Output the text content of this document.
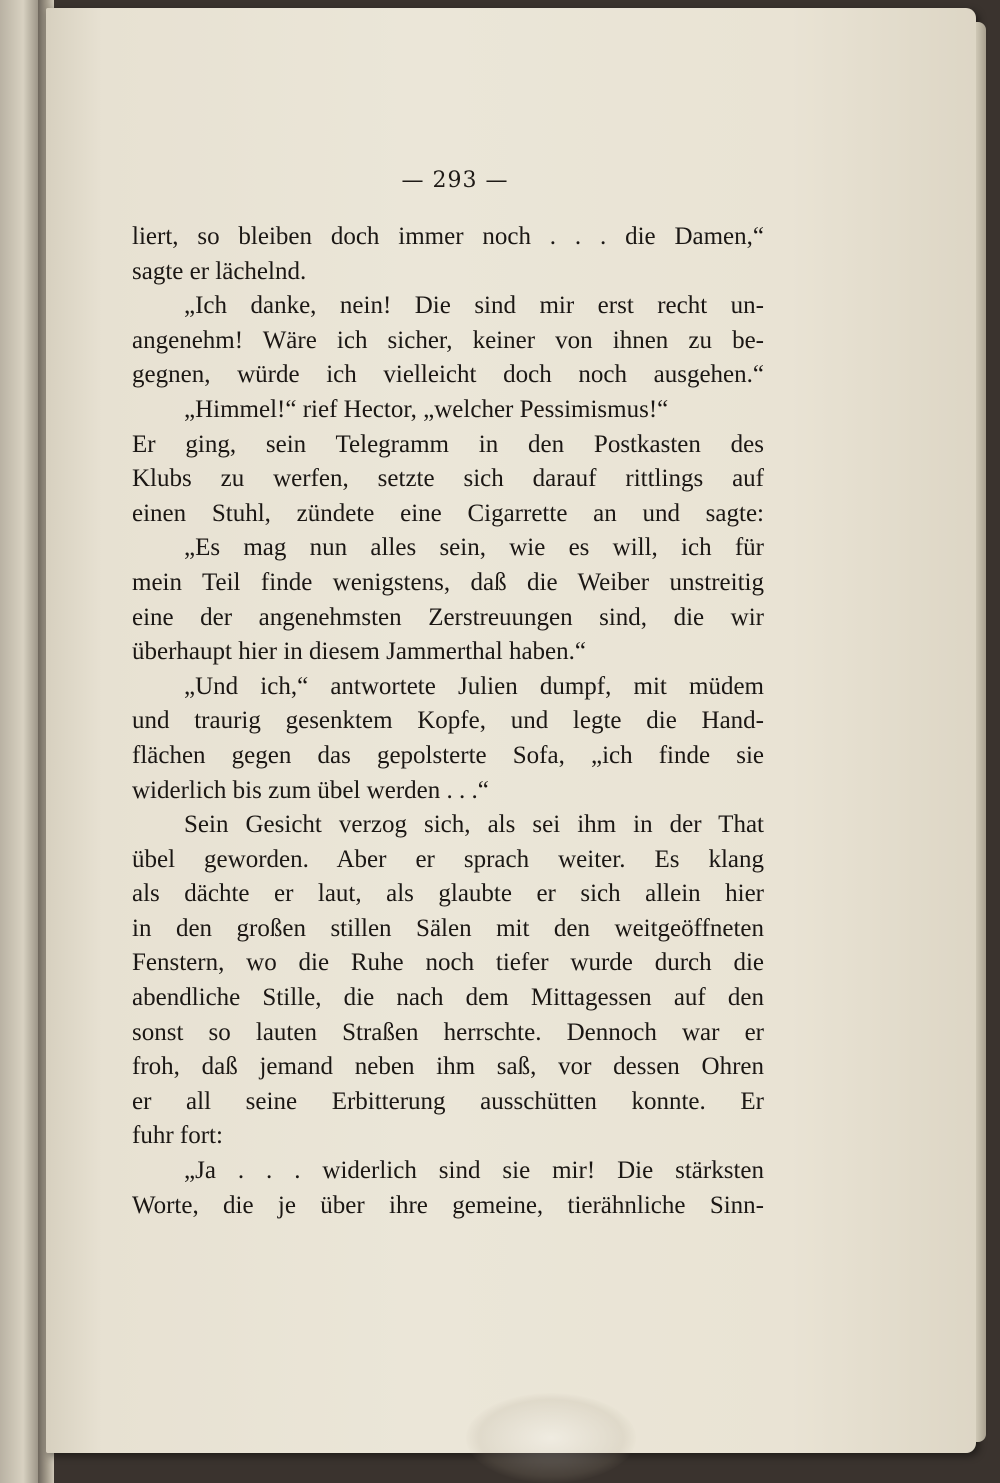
— 293 —
liert, so bleiben doch immer noch . . . die Damen,“
sagte er lächelnd.
„Ich danke, nein! Die sind mir erst recht un-
angenehm! Wäre ich sicher, keiner von ihnen zu be-
gegnen, würde ich vielleicht doch noch ausgehen.“
„Himmel!“ rief Hector, „welcher Pessimismus!“
Er ging, sein Telegramm in den Postkasten des
Klubs zu werfen, setzte sich darauf rittlings auf
einen Stuhl, zündete eine Cigarrette an und sagte:
„Es mag nun alles sein, wie es will, ich für
mein Teil finde wenigstens, daß die Weiber unstreitig
eine der angenehmsten Zerstreuungen sind, die wir
überhaupt hier in diesem Jammerthal haben.“
„Und ich,“ antwortete Julien dumpf, mit müdem
und traurig gesenktem Kopfe, und legte die Hand-
flächen gegen das gepolsterte Sofa, „ich finde sie
widerlich bis zum übel werden . . .“
Sein Gesicht verzog sich, als sei ihm in der That
übel geworden. Aber er sprach weiter. Es klang
als dächte er laut, als glaubte er sich allein hier
in den großen stillen Sälen mit den weitgeöffneten
Fenstern, wo die Ruhe noch tiefer wurde durch die
abendliche Stille, die nach dem Mittagessen auf den
sonst so lauten Straßen herrschte. Dennoch war er
froh, daß jemand neben ihm saß, vor dessen Ohren
er all seine Erbitterung ausschütten konnte. Er
fuhr fort:
„Ja . . . widerlich sind sie mir! Die stärksten
Worte, die je über ihre gemeine, tierähnliche Sinn-
